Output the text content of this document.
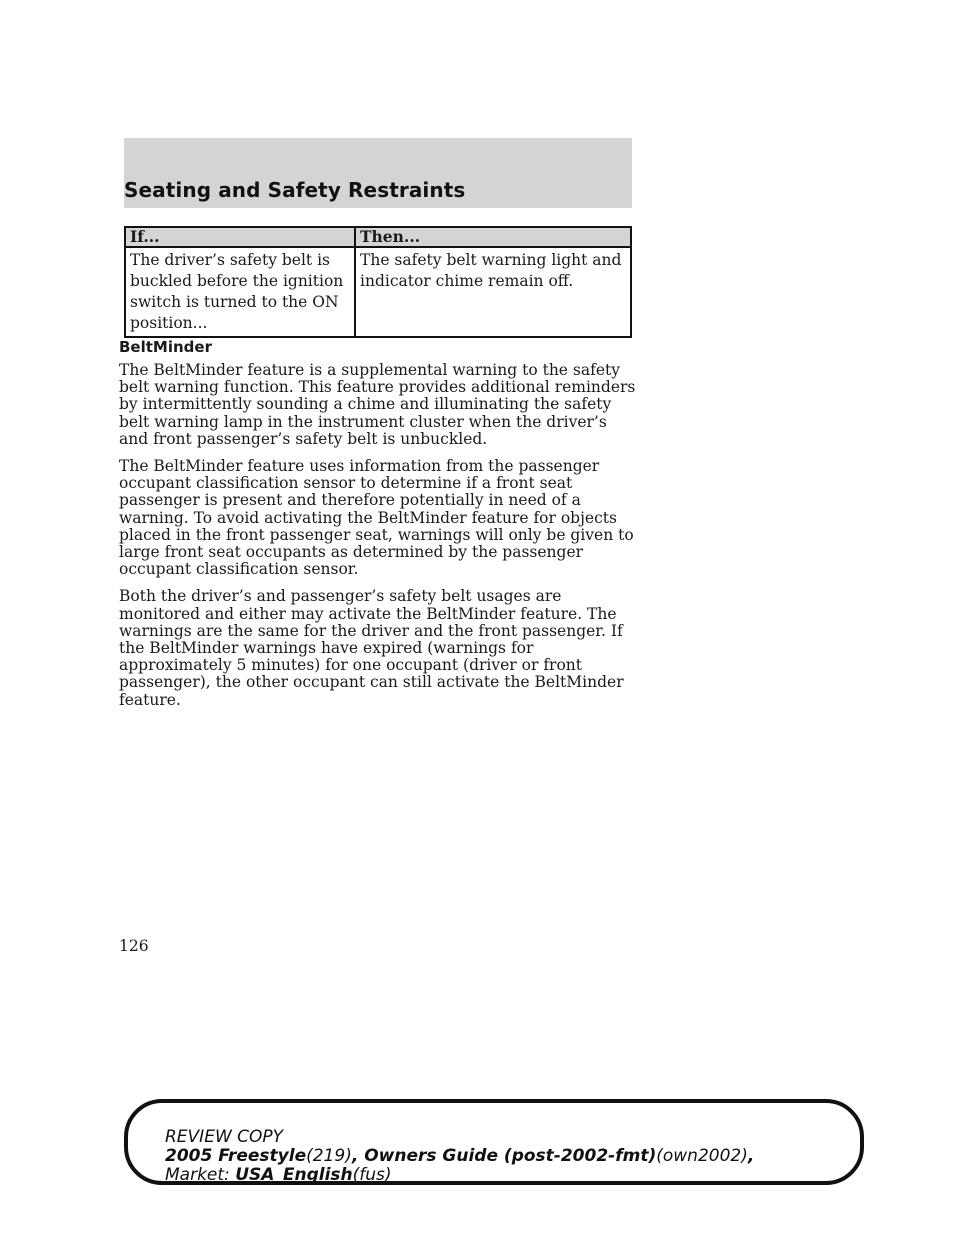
Seating and Safety Restraints
If...	Then...
The driver’s safety belt is buckled before the ignition switch is turned to the ON position...	The safety belt warning light and indicator chime remain off.
BeltMinder

The BeltMinder feature is a supplemental warning to the safety belt warning function. This feature provides additional reminders by intermittently sounding a chime and illuminating the safety belt warning lamp in the instrument cluster when the driver’s and front passenger’s safety belt is unbuckled.

The BeltMinder feature uses information from the passenger occupant classification sensor to determine if a front seat passenger is present and therefore potentially in need of a warning. To avoid activating the BeltMinder feature for objects placed in the front passenger seat, warnings will only be given to large front seat occupants as determined by the passenger occupant classification sensor.

Both the driver’s and passenger’s safety belt usages are monitored and either may activate the BeltMinder feature. The warnings are the same for the driver and the front passenger. If the BeltMinder warnings have expired (warnings for approximately 5 minutes) for one occupant (driver or front passenger), the other occupant can still activate the BeltMinder feature.

126
REVIEW COPY
2005 Freestyle(219), Owners Guide (post-2002-fmt)(own2002),
Market: USA_English(fus)
